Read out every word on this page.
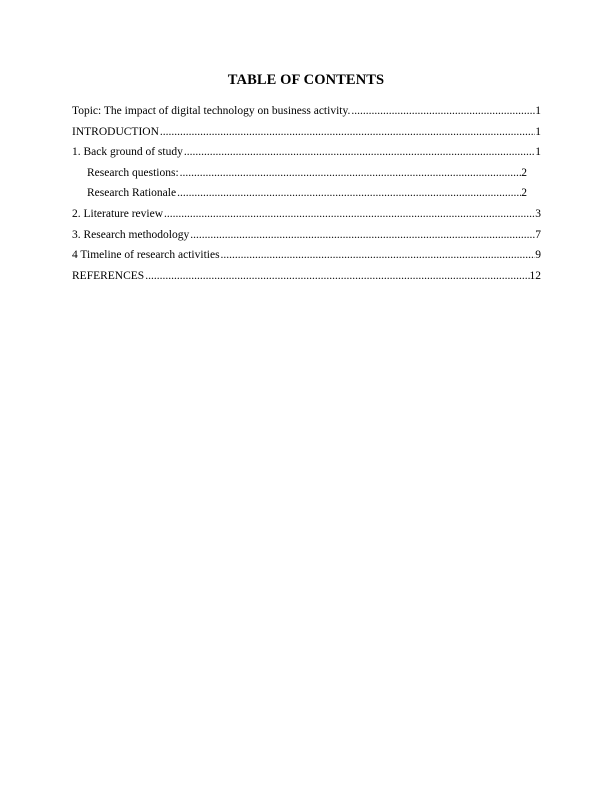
TABLE OF CONTENTS
Topic: The impact of digital technology on business activity. .....	1
INTRODUCTION .....	1
1. Back ground of study .....	1
Research questions: .....	2
Research Rationale .....	2
2. Literature review .....	3
3. Research methodology .....	7
4 Timeline of research activities .....	9
REFERENCES .....	12
